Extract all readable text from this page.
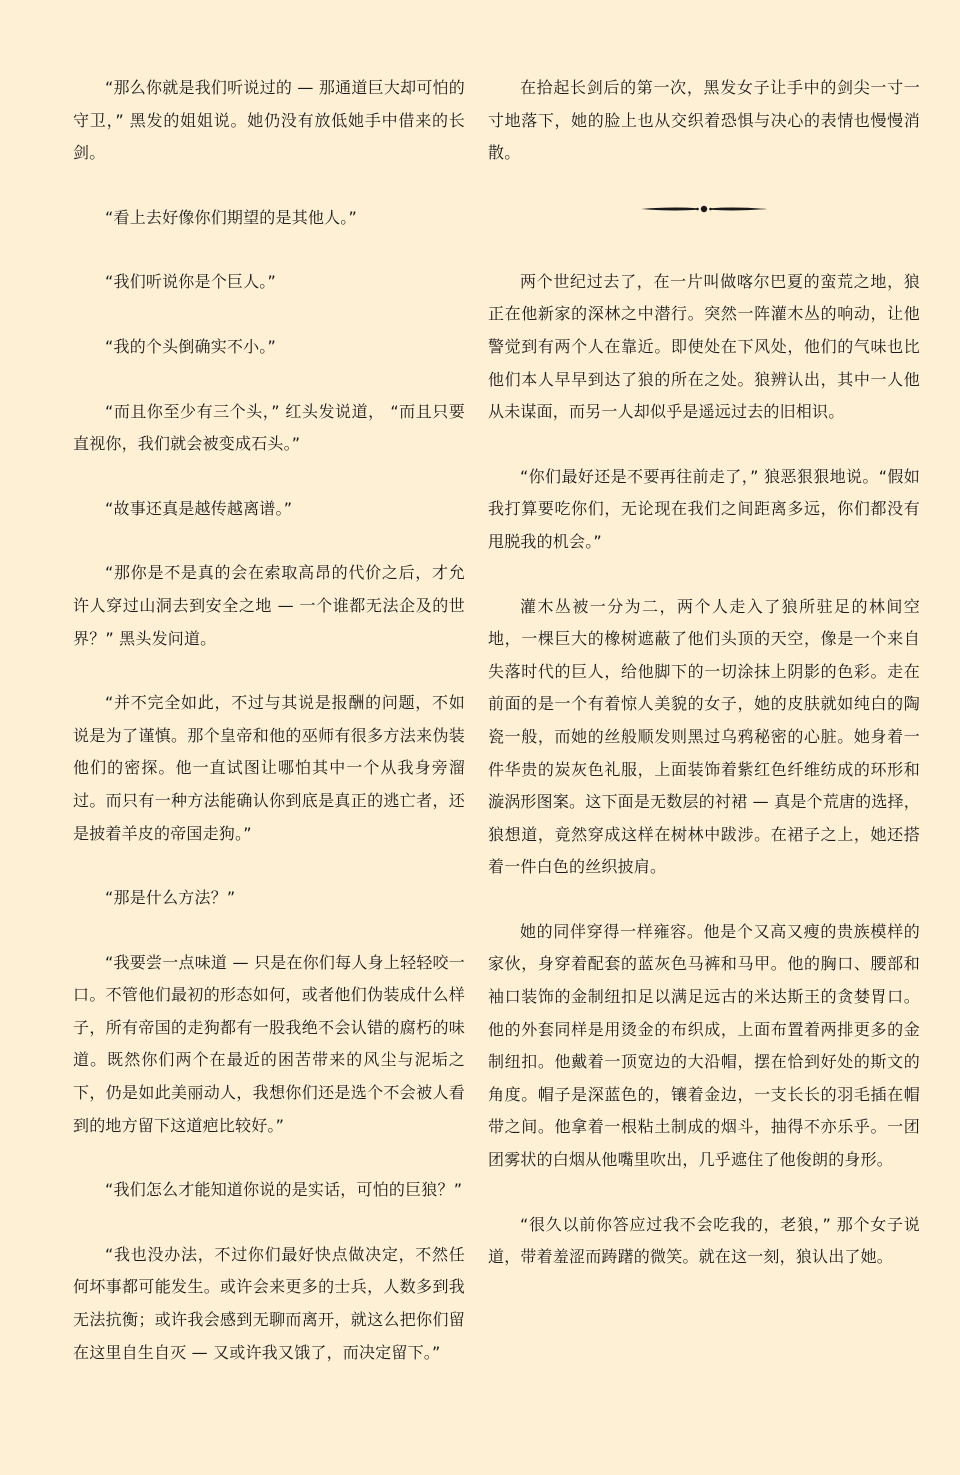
“那么你就是我们听说过的 — 那通道巨大却可怕的守卫，” 黑发的姐姐说。她仍没有放低她手中借来的长剑。

“看上去好像你们期望的是其他人。”

“我们听说你是个巨人。”

“我的个头倒确实不小。”

“而且你至少有三个头，” 红头发说道， “而且只要直视你，我们就会被变成石头。”

“故事还真是越传越离谱。”

“那你是不是真的会在索取高昂的代价之后，才允许人穿过山洞去到安全之地 — 一个谁都无法企及的世界？” 黑头发问道。

“并不完全如此，不过与其说是报酬的问题，不如说是为了谨慎。那个皇帝和他的巫师有很多方法来伪装他们的密探。他一直试图让哪怕其中一个从我身旁溜过。而只有一种方法能确认你到底是真正的逃亡者，还是披着羊皮的帝国走狗。”

“那是什么方法？”

“我要尝一点味道 — 只是在你们每人身上轻轻咬一口。不管他们最初的形态如何，或者他们伪装成什么样子，所有帝国的走狗都有一股我绝不会认错的腐朽的味道。既然你们两个在最近的困苦带来的风尘与泥垢之下，仍是如此美丽动人，我想你们还是选个不会被人看到的地方留下这道疤比较好。”

“我们怎么才能知道你说的是实话，可怕的巨狼？”

“我也没办法，不过你们最好快点做决定，不然任何坏事都可能发生。或许会来更多的士兵，人数多到我无法抗衡；或许我会感到无聊而离开，就这么把你们留在这里自生自灭 — 又或许我又饿了，而决定留下。”

在拾起长剑后的第一次，黑发女子让手中的剑尖一寸一寸地落下，她的脸上也从交织着恐惧与决心的表情也慢慢消散。

两个世纪过去了，在一片叫做喀尔巴夏的蛮荒之地，狼正在他新家的深林之中潜行。突然一阵灌木丛的响动，让他警觉到有两个人在靠近。即使处在下风处，他们的气味也比他们本人早早到达了狼的所在之处。狼辨认出，其中一人他从未谋面，而另一人却似乎是遥远过去的旧相识。

“你们最好还是不要再往前走了，” 狼恶狠狠地说。“假如我打算要吃你们，无论现在我们之间距离多远，你们都没有甩脱我的机会。”

灌木丛被一分为二，两个人走入了狼所驻足的林间空地，一棵巨大的橡树遮蔽了他们头顶的天空，像是一个来自失落时代的巨人，给他脚下的一切涂抹上阴影的色彩。走在前面的是一个有着惊人美貌的女子，她的皮肤就如纯白的陶瓷一般，而她的丝般顺发则黑过乌鸦秘密的心脏。她身着一件华贵的炭灰色礼服，上面装饰着紫红色纤维纺成的环形和漩涡形图案。这下面是无数层的衬裙 — 真是个荒唐的选择，狼想道，竟然穿成这样在树林中跋涉。在裙子之上，她还搭着一件白色的丝织披肩。

她的同伴穿得一样雍容。他是个又高又瘦的贵族模样的家伙，身穿着配套的蓝灰色马裤和马甲。他的胸口、腰部和袖口装饰的金制纽扣足以满足远古的米达斯王的贪婪胃口。他的外套同样是用烫金的布织成，上面布置着两排更多的金制纽扣。他戴着一顶宽边的大沿帽，摆在恰到好处的斯文的角度。帽子是深蓝色的，镶着金边，一支长长的羽毛插在帽带之间。他拿着一根粘土制成的烟斗，抽得不亦乐乎。一团团雾状的白烟从他嘴里吹出，几乎遮住了他俊朗的身形。

“很久以前你答应过我不会吃我的，老狼，” 那个女子说道，带着羞涩而踌躇的微笑。就在这一刻，狼认出了她。
